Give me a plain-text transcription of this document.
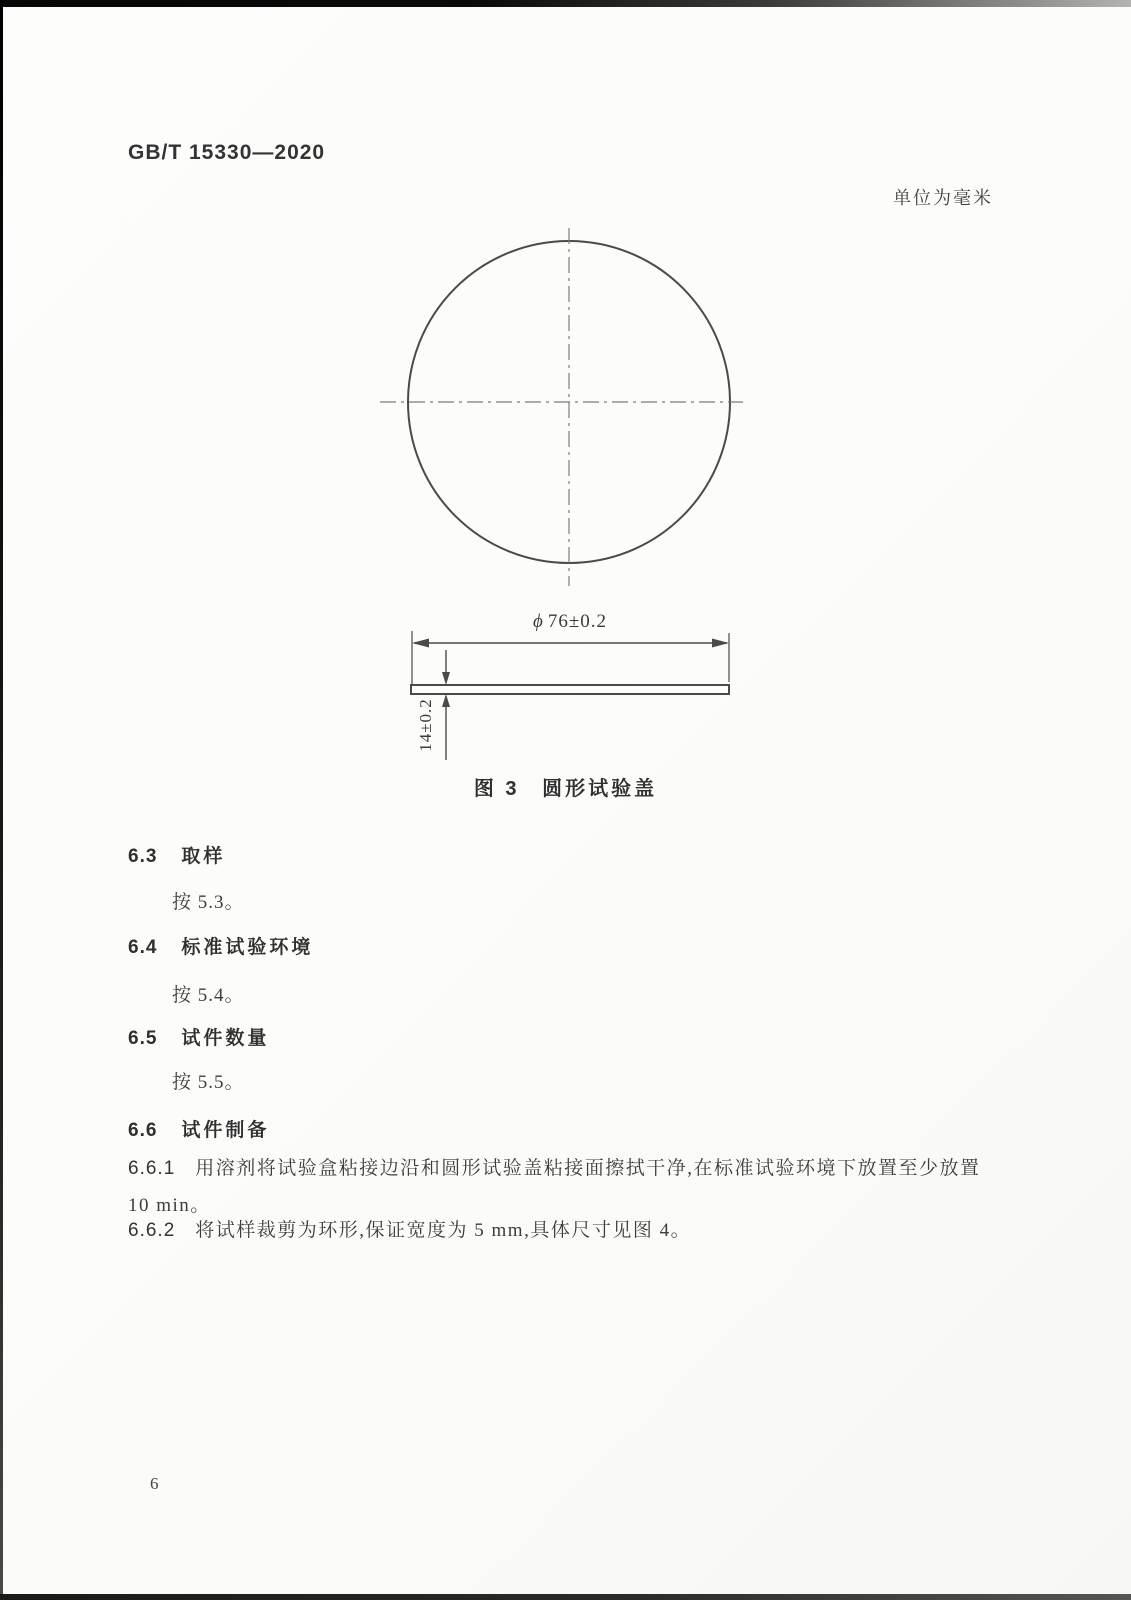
GB/T 15330—2020
单位为毫米
ϕ 76±0.2
14±0.2
图 3 圆形试验盖
6.3 取样
按 5.3。
6.4 标准试验环境
按 5.4。
6.5 试件数量
按 5.5。
6.6 试件制备
6.6.1 用溶剂将试验盒粘接边沿和圆形试验盖粘接面擦拭干净,在标准试验环境下放置至少放置
10 min。
6.6.2 将试样裁剪为环形,保证宽度为 5 mm,具体尺寸见图 4。
6
